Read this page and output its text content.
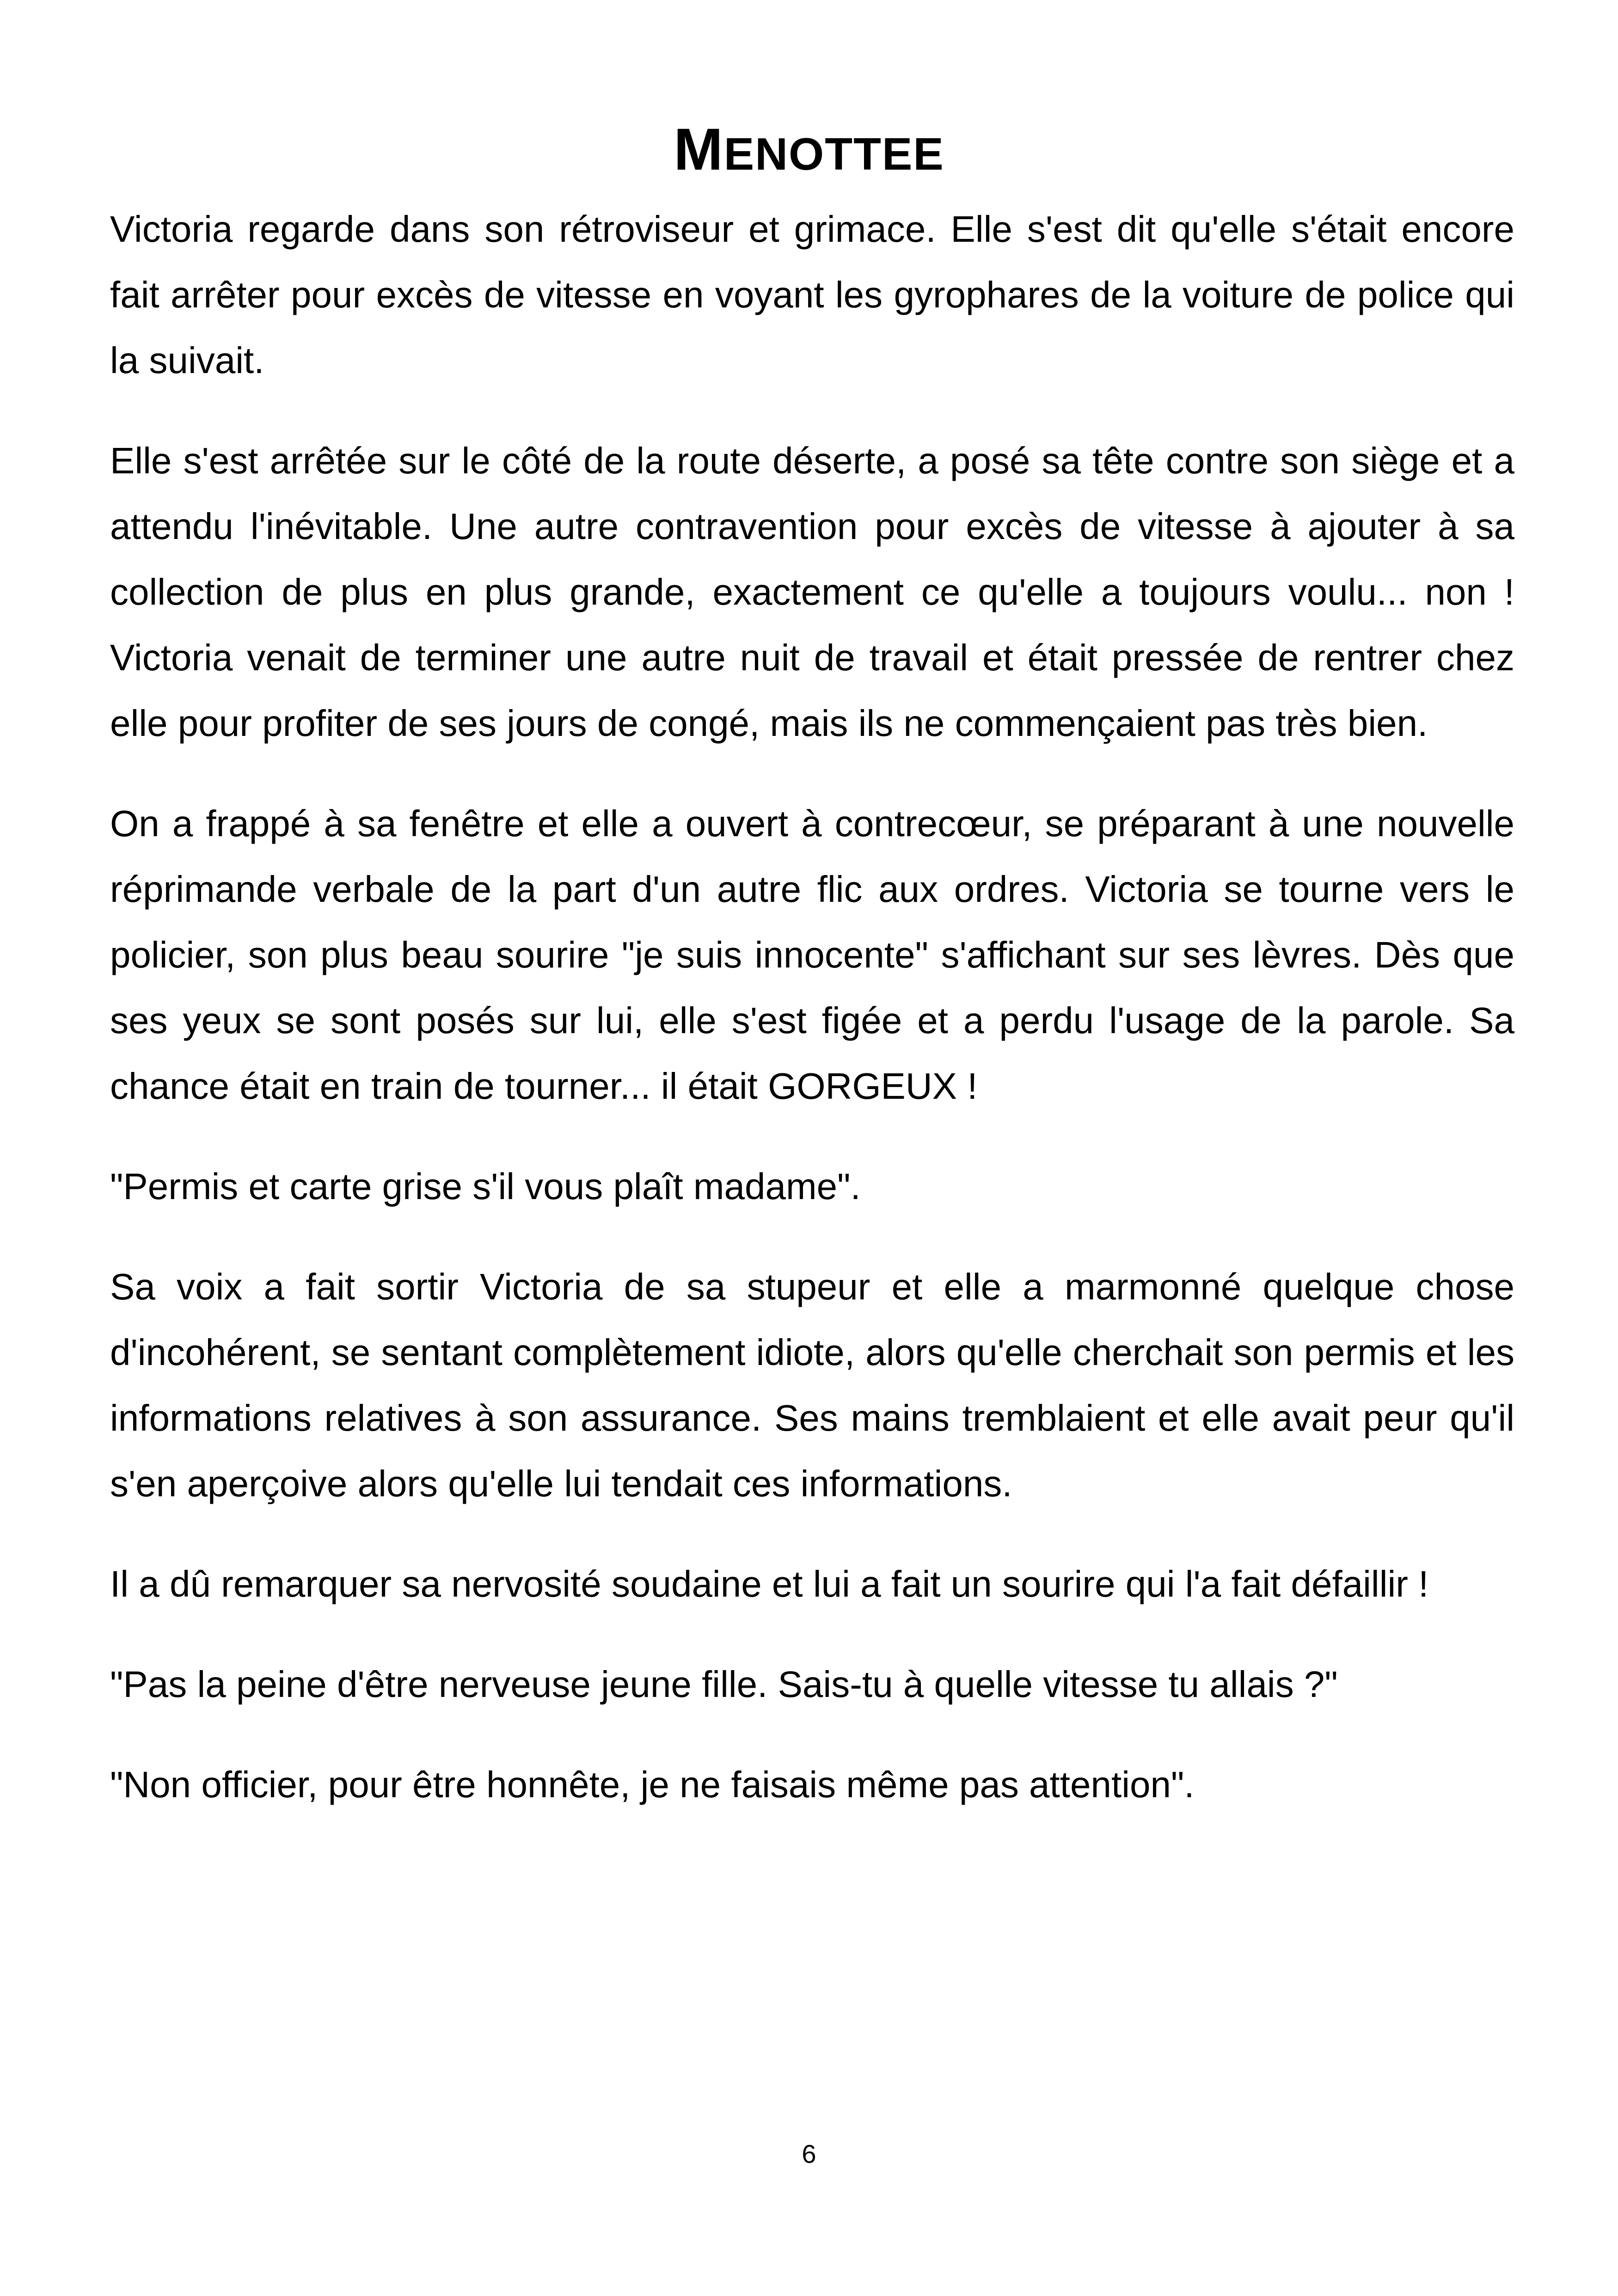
MENOTTEE

Victoria regarde dans son rétroviseur et grimace. Elle s'est dit qu'elle s'était encore fait arrêter pour excès de vitesse en voyant les gyrophares de la voiture de police qui la suivait.

Elle s'est arrêtée sur le côté de la route déserte, a posé sa tête contre son siège et a attendu l'inévitable. Une autre contravention pour excès de vitesse à ajouter à sa collection de plus en plus grande, exactement ce qu'elle a toujours voulu... non ! Victoria venait de terminer une autre nuit de travail et était pressée de rentrer chez elle pour profiter de ses jours de congé, mais ils ne commençaient pas très bien.

On a frappé à sa fenêtre et elle a ouvert à contrecœur, se préparant à une nouvelle réprimande verbale de la part d'un autre flic aux ordres. Victoria se tourne vers le policier, son plus beau sourire "je suis innocente" s'affichant sur ses lèvres. Dès que ses yeux se sont posés sur lui, elle s'est figée et a perdu l'usage de la parole. Sa chance était en train de tourner... il était GORGEUX !

"Permis et carte grise s'il vous plaît madame".

Sa voix a fait sortir Victoria de sa stupeur et elle a marmonné quelque chose d'incohérent, se sentant complètement idiote, alors qu'elle cherchait son permis et les informations relatives à son assurance. Ses mains tremblaient et elle avait peur qu'il s'en aperçoive alors qu'elle lui tendait ces informations.

Il a dû remarquer sa nervosité soudaine et lui a fait un sourire qui l'a fait défaillir !

"Pas la peine d'être nerveuse jeune fille. Sais-tu à quelle vitesse tu allais ?"

"Non officier, pour être honnête, je ne faisais même pas attention".

6
